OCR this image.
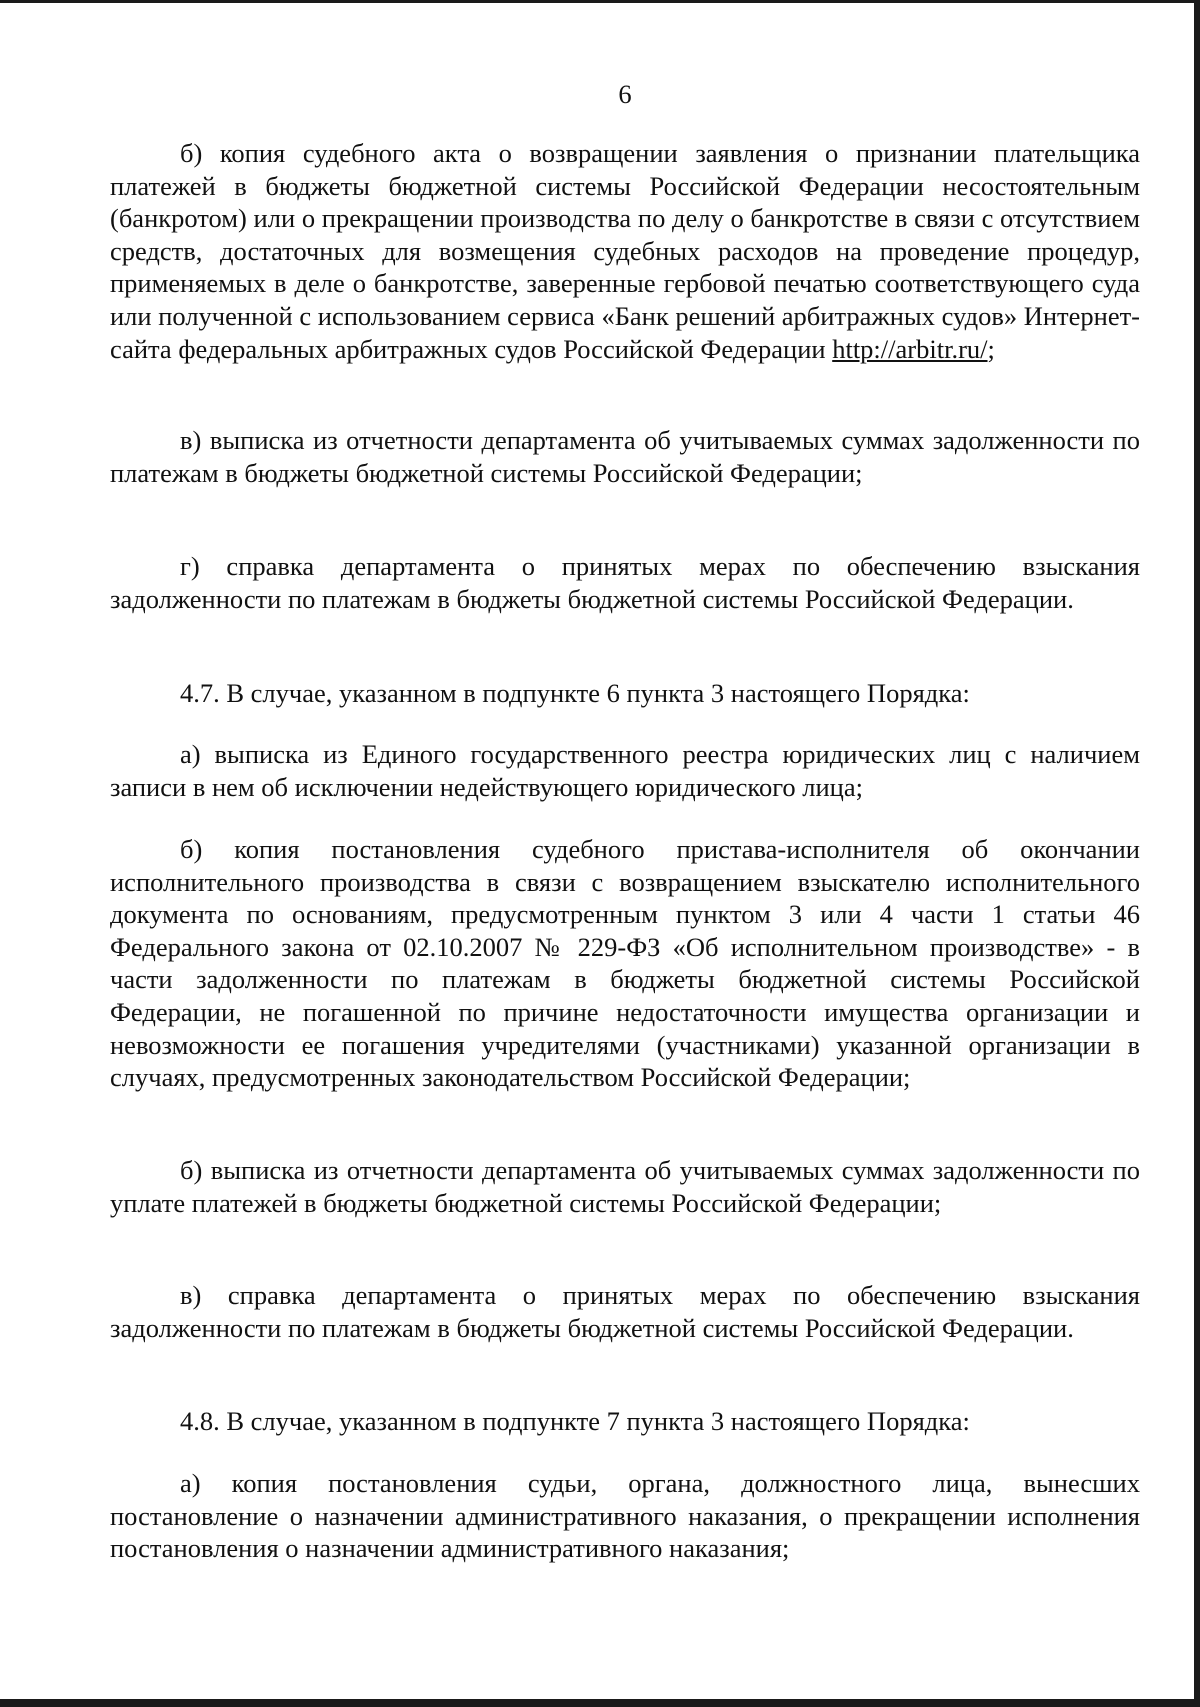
6

б) копия судебного акта о возвращении заявления о признании плательщика платежей в бюджеты бюджетной системы Российской Федерации несостоятельным (банкротом) или о прекращении производства по делу о банкротстве в связи с отсутствием средств, достаточных для возмещения судебных расходов на проведение процедур, применяемых в деле о банкротстве, заверенные гербовой печатью соответствующего суда или полученной с использованием сервиса «Банк решений арбитражных судов» Интернет-сайта федеральных арбитражных судов Российской Федерации http://arbitr.ru/;

в) выписка из отчетности департамента об учитываемых суммах задолженности по платежам в бюджеты бюджетной системы Российской Федерации;

г) справка департамента о принятых мерах по обеспечению взыскания задолженности по платежам в бюджеты бюджетной системы Российской Федерации.

4.7. В случае, указанном в подпункте 6 пункта 3 настоящего Порядка:

а) выписка из Единого государственного реестра юридических лиц с наличием записи в нем об исключении недействующего юридического лица;

б) копия постановления судебного пристава-исполнителя об окончании исполнительного производства в связи с возвращением взыскателю исполнительного документа по основаниям, предусмотренным пунктом 3 или 4 части 1 статьи 46 Федерального закона от 02.10.2007 № 229-ФЗ «Об исполнительном производстве» - в части задолженности по платежам в бюджеты бюджетной системы Российской Федерации, не погашенной по причине недостаточности имущества организации и невозможности ее погашения учредителями (участниками) указанной организации в случаях, предусмотренных законодательством Российской Федерации;

б) выписка из отчетности департамента об учитываемых суммах задолженности по уплате платежей в бюджеты бюджетной системы Российской Федерации;

в) справка департамента о принятых мерах по обеспечению взыскания задолженности по платежам в бюджеты бюджетной системы Российской Федерации.

4.8. В случае, указанном в подпункте 7 пункта 3 настоящего Порядка:

а) копия постановления судьи, органа, должностного лица, вынесших постановление о назначении административного наказания, о прекращении исполнения постановления о назначении административного наказания;
